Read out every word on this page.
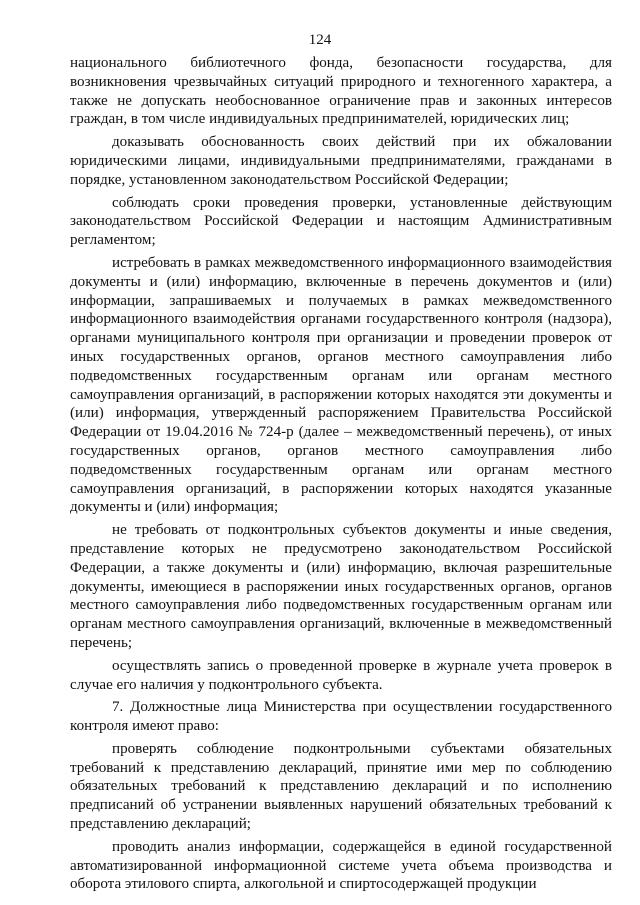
124

национального библиотечного фонда, безопасности государства, для возникновения чрезвычайных ситуаций природного и техногенного характера, а также не допускать необоснованное ограничение прав и законных интересов граждан, в том числе индивидуальных предпринимателей, юридических лиц;

доказывать обоснованность своих действий при их обжаловании юридическими лицами, индивидуальными предпринимателями, гражданами в порядке, установленном законодательством Российской Федерации;

соблюдать сроки проведения проверки, установленные действующим законодательством Российской Федерации и настоящим Административным регламентом;

истребовать в рамках межведомственного информационного взаимодействия документы и (или) информацию, включенные в перечень документов и (или) информации, запрашиваемых и получаемых в рамках межведомственного информационного взаимодействия органами государственного контроля (надзора), органами муниципального контроля при организации и проведении проверок от иных государственных органов, органов местного самоуправления либо подведомственных государственным органам или органам местного самоуправления организаций, в распоряжении которых находятся эти документы и (или) информация, утвержденный распоряжением Правительства Российской Федерации от 19.04.2016 № 724-р (далее – межведомственный перечень), от иных государственных органов, органов местного самоуправления либо подведомственных государственным органам или органам местного самоуправления организаций, в распоряжении которых находятся указанные документы и (или) информация;

не требовать от подконтрольных субъектов документы и иные сведения, представление которых не предусмотрено законодательством Российской Федерации, а также документы и (или) информацию, включая разрешительные документы, имеющиеся в распоряжении иных государственных органов, органов местного самоуправления либо подведомственных государственным органам или органам местного самоуправления организаций, включенные в межведомственный перечень;

осуществлять запись о проведенной проверке в журнале учета проверок в случае его наличия у подконтрольного субъекта.

7. Должностные лица Министерства при осуществлении государственного контроля имеют право:

проверять соблюдение подконтрольными субъектами обязательных требований к представлению деклараций, принятие ими мер по соблюдению обязательных требований к представлению деклараций и по исполнению предписаний об устранении выявленных нарушений обязательных требований к представлению деклараций;

проводить анализ информации, содержащейся в единой государственной автоматизированной информационной системе учета объема производства и оборота этилового спирта, алкогольной и спиртосодержащей продукции
